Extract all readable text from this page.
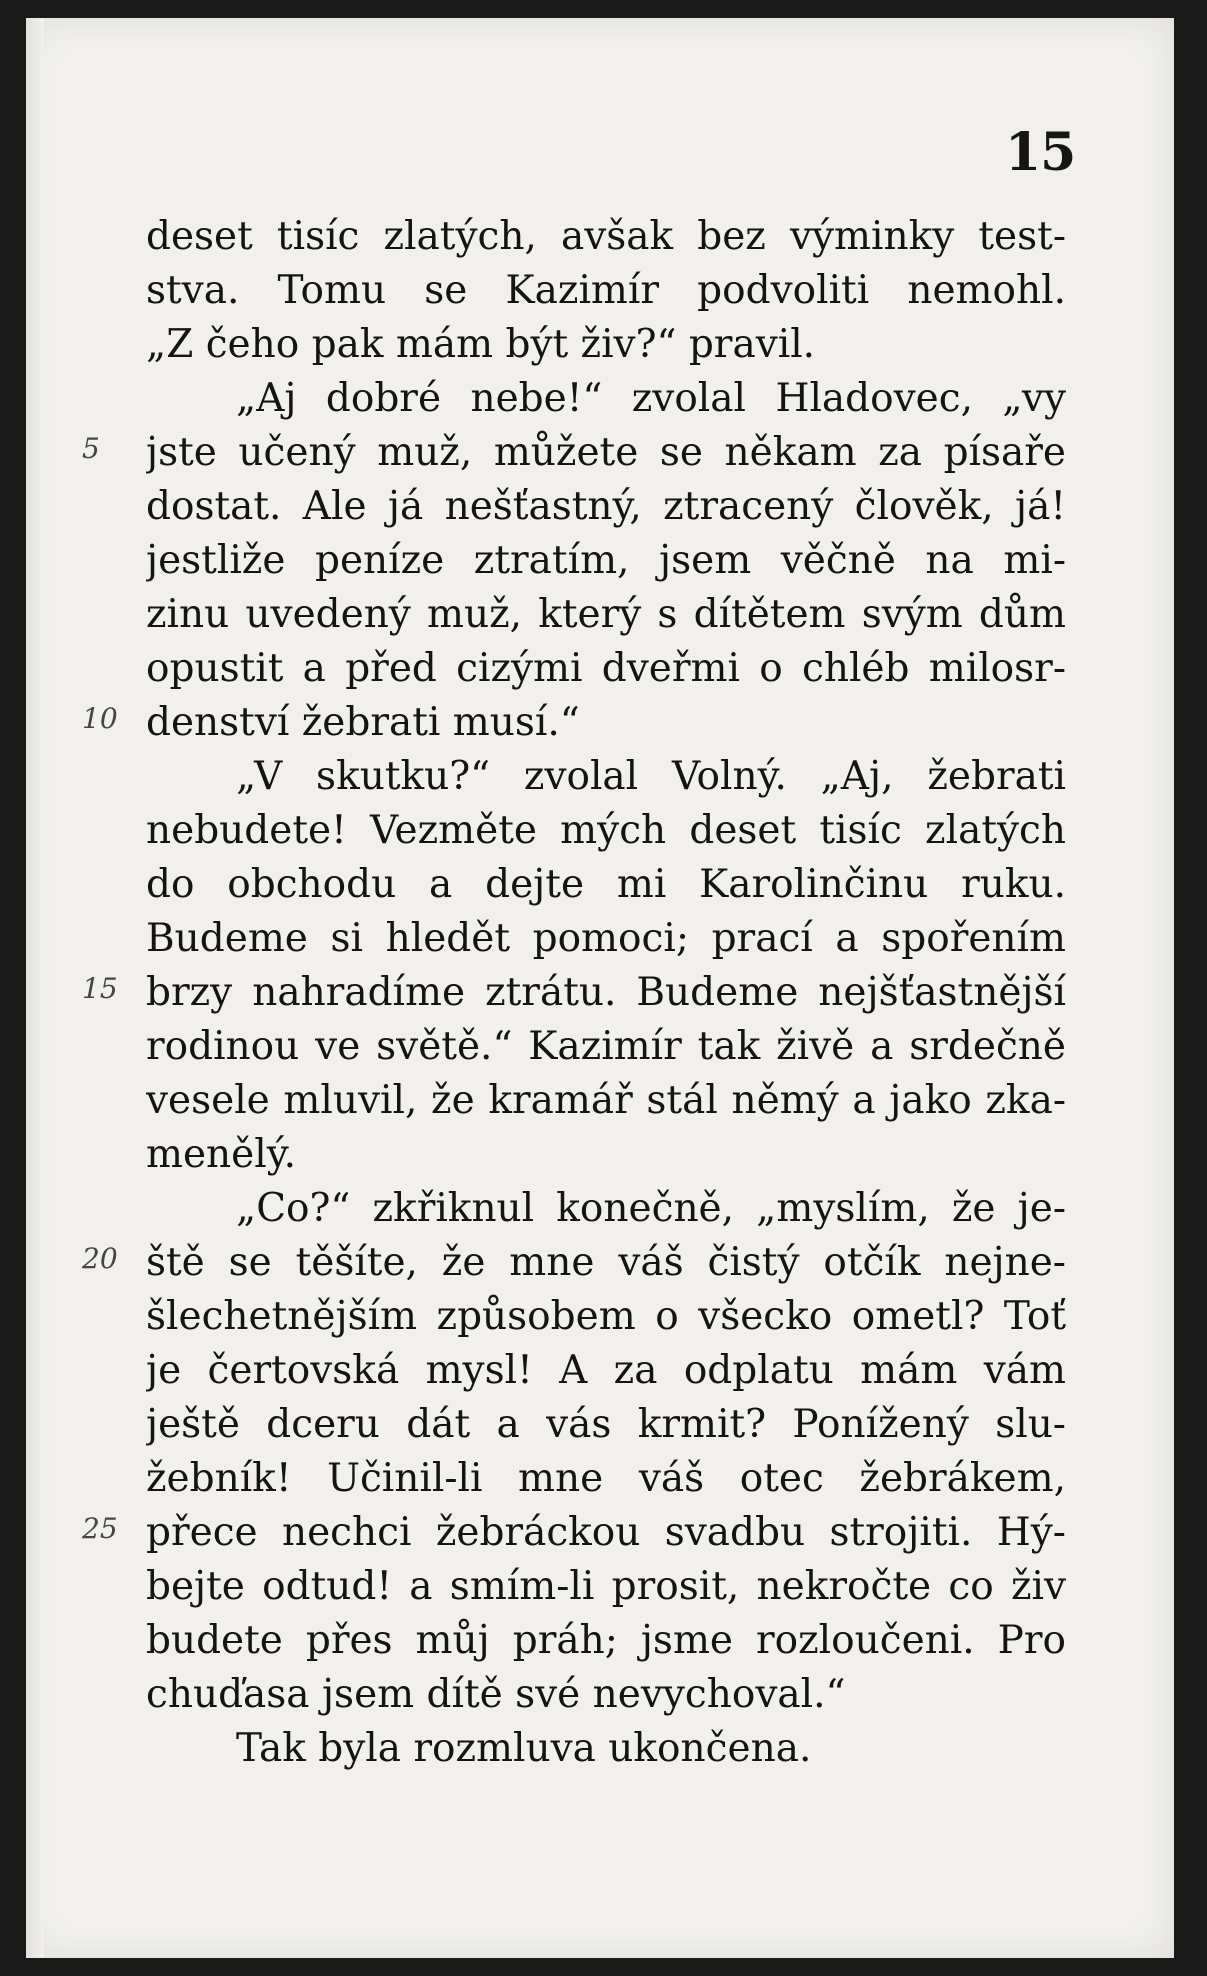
15
5
10
15
20
25
deset tisíc zlatých, avšak bez výminky test-
stva. Tomu se Kazimír podvoliti nemohl.
„Z čeho pak mám být živ?“ pravil.
„Aj dobré nebe!“ zvolal Hladovec, „vy
jste učený muž, můžete se někam za písaře
dostat. Ale já nešťastný, ztracený člověk, já!
jestliže peníze ztratím, jsem věčně na mi-
zinu uvedený muž, který s dítětem svým dům
opustit a před cizými dveřmi o chléb milosr-
denství žebrati musí.“
„V skutku?“ zvolal Volný. „Aj, žebrati
nebudete! Vezměte mých deset tisíc zlatých
do obchodu a dejte mi Karolinčinu ruku.
Budeme si hledět pomoci; prací a spořením
brzy nahradíme ztrátu. Budeme nejšťastnější
rodinou ve světě.“ Kazimír tak živě a srdečně
vesele mluvil, že kramář stál němý a jako zka-
menělý.
„Co?“ zkřiknul konečně, „myslím, že je-
ště se těšíte, že mne váš čistý otčík nejne-
šlechetnějším způsobem o všecko ometl? Toť
je čertovská mysl! A za odplatu mám vám
ještě dceru dát a vás krmit? Ponížený slu-
žebník! Učinil-li mne váš otec žebrákem,
přece nechci žebráckou svadbu strojiti. Hý-
bejte odtud! a smím-li prosit, nekročte co živ
budete přes můj práh; jsme rozloučeni. Pro
chuďasa jsem dítě své nevychoval.“
Tak byla rozmluva ukončena.
